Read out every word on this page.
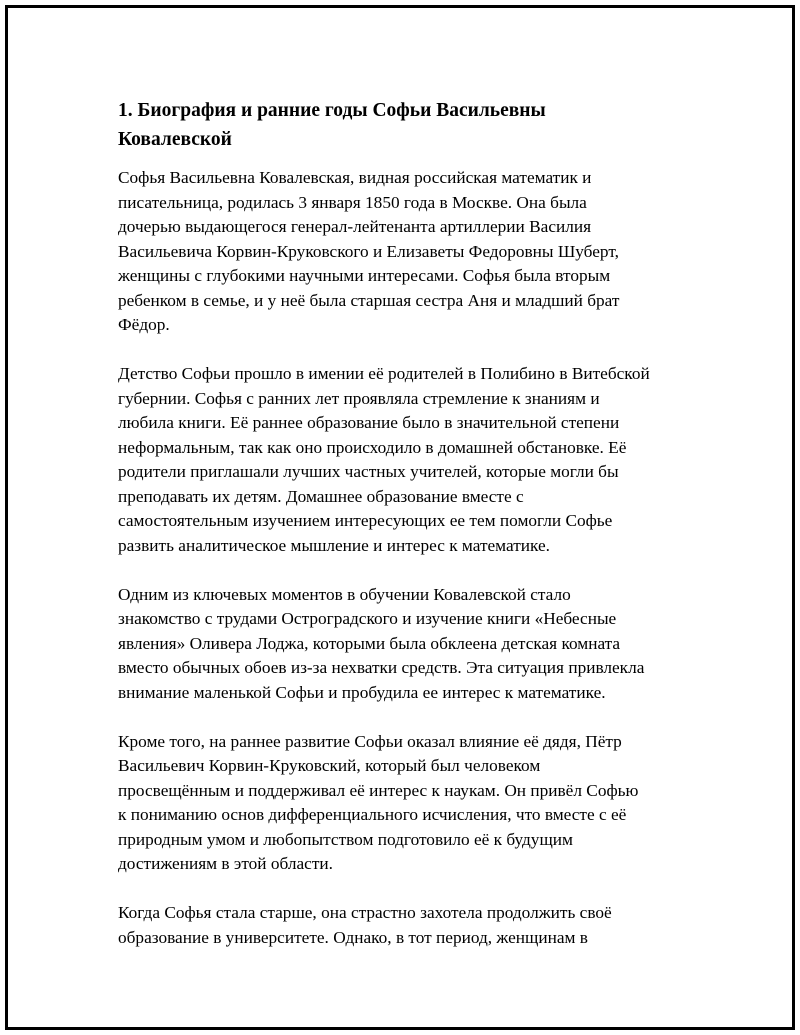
1. Биография и ранние годы Софьи Васильевны
Ковалевской
Софья Васильевна Ковалевская, видная российская математик и
писательница, родилась 3 января 1850 года в Москве. Она была
дочерью выдающегося генерал-лейтенанта артиллерии Василия
Васильевича Корвин-Круковского и Елизаветы Федоровны Шуберт,
женщины с глубокими научными интересами. Софья была вторым
ребенком в семье, и у неё была старшая сестра Аня и младший брат
Фёдор.
Детство Софьи прошло в имении её родителей в Полибино в Витебской
губернии. Софья с ранних лет проявляла стремление к знаниям и
любила книги. Её раннее образование было в значительной степени
неформальным, так как оно происходило в домашней обстановке. Её
родители приглашали лучших частных учителей, которые могли бы
преподавать их детям. Домашнее образование вместе с
самостоятельным изучением интересующих ее тем помогли Софье
развить аналитическое мышление и интерес к математике.
Одним из ключевых моментов в обучении Ковалевской стало
знакомство с трудами Остроградского и изучение книги «Небесные
явления» Оливера Лоджа, которыми была обклеена детская комната
вместо обычных обоев из-за нехватки средств. Эта ситуация привлекла
внимание маленькой Софьи и пробудила ее интерес к математике.
Кроме того, на раннее развитие Софьи оказал влияние её дядя, Пётр
Васильевич Корвин-Круковский, который был человеком
просвещённым и поддерживал её интерес к наукам. Он привёл Софью
к пониманию основ дифференциального исчисления, что вместе с её
природным умом и любопытством подготовило её к будущим
достижениям в этой области.
Когда Софья стала старше, она страстно захотела продолжить своё
образование в университете. Однако, в тот период, женщинам в
